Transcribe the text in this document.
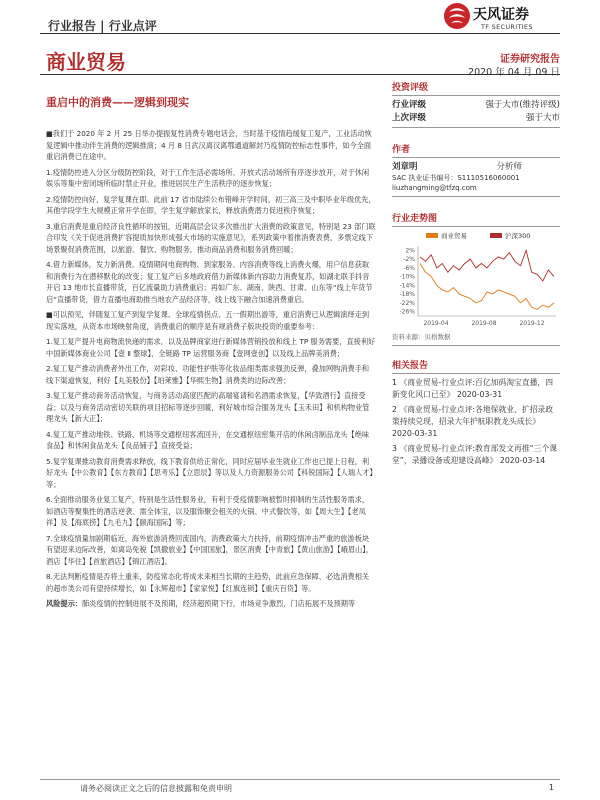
行业报告 | 行业点评
天风证券
TF SECURITIES
商业贸易	证券研究报告
2020 年 04 月 09 日
重启中的消费——逻辑到现实

■我们于 2020 年 2 月 25 日举办提振复性消费专题电话会，当时基于疫情趋缓复工复产，工业活动恢复逻辑中推动伴生消费的逻辑推演；4 月 8 日武汉离汉离鄂通道解封乃疫情防控标志性事件，如今全面重启消费已在途中。

1.疫情防控进入分区分级防控阶段，对于工作生活必需场所、开放式活动场所有序逐步放开，对于休闲娱乐等集中密闭场所临时禁止开业，推进居民生产生活秩序的逐步恢复；

2.疫情防控向好，复学复课在即。此前 17 省市陆续公布错峰开学时间，初三高三及中职毕业年级优先，其他学段学生大规模正常开学在即，学生复学解放家长，释放消费潜力促进秩序恢复；

3.重启消费是重启经济良性循环的按钮，近期高层会议多次推出扩大消费的政策意见，特别是 23 部门联合印发《关于促进消费扩容提质加快形成强大市场的实施意见》，系列政策中着推消费表费，多票定线下场景聚促消费范围，以旅游、餐饮、购物服务，推动商品消费和服务消费回暖；

4.借力新媒体，发力新消费。疫情期间电商购物、到家服务、内容消费等线上消费火爆，用户信息获取和消费行为在潜移默化的改变；复工复产后多地政府借力新媒体新内容助力消费复苏，如湖北联手抖音开启 13 地市长直播带货，百亿流量助力消费重启；再如广东、湖南、陕西、甘肃、山东等“线上年货节启”直播带货，借力直播电商助推当地农产品经济等，线上线下融合加速消费重启。

■可以预见，伴随复工复产到复学复课、全球疫情拐点、五一假期出游等，重启消费已从逻辑演绎走到现实落地，从资本市场映射角度，消费重启的顺序是有规消费子版块投资的重要参考：

1.复工复产提升电商物流快递的需求，以及品牌商家进行新媒体营销投放和线上 TP 服务需要，直接利好中国新媒体商业公司【壹 Ⅱ 整球】，全链路 TP 运营服务商【壹网壹创】以及线上品牌美消费；

2.复工复产推动消费者外出工作，对彩妆、功能性护肤等化妆品细类需求强劲反弹，叠加网购消费手和线下渠道恢复，利好【丸美股份】【珀莱雅】【华熙生物】消费类的边际改善；

3.复工复产推动商务活动恢复，与商务活动高度匹配的高端宴请和名酒需求恢复，【华致酒行】直接受益；以及与商务活动密切关联的项目招标等逐步回暖，利好城市综合服务龙头【玉禾田】和机构物业管理龙头【新大正】；

4.复工复产推动地铁、铁路、机场等交通枢纽客流回升，在交通枢纽密集开店的休闲卤制品龙头【绝味食品】和休闲食品龙头【良品铺子】直接受益；

5.复学复课推动教育消费需求释放，线下教育供给正常化，同时应届毕业生就业工作也已提上日程，利好龙头【中公教育】【东方教育】【思考乐】【立思辰】等以及人力资源服务公司【科锐国际】【人瑞人才】等；

6.全面推动服务业复工复产，特别是生活性服务业，有利于受疫情影响被暂时抑制的生活性服务需求，如酒店等聚集性的酒店逆袭、需全体宝，以及服饰聚会租关的火锅、中式餐饮等，如【周大生】【老凤祥】及【海底捞】【九毛九】【颐海国际】等；

7.全球疫情量加剧期临近，海外旅游消费回流国内，消费政策大力扶持，前期疫情冲击严重的旅游板块有望迎来边际改善，如离岛免税【凯撒旅业】【中国国旅】，景区消费【中青旅】【黄山旅游】【峨眉山】，酒店【华住】【首旅酒店】【锦江酒店】。

8.无法判断疫情是否将土重来，防疫常态化将成未来相当长期的主趋势，此前应急保障、必选消费相关的超市类公司有望持续增长，如【永辉超市】【家家悦】【红旗连锁】【重庆百货】等。

风险提示：肺炎疫情的控制进展不及预期，经济超预期下行，市场竞争激烈，门店拓展不及预期等

投资评级
行业评级	强于大市(维持评级)
上次评级	强于大市
作者
刘章明	分析师
SAC 执业证书编号：S1110516060001
liuzhangming@tfzq.com
行业走势图
商业贸易	沪深300
2%
-2%
-6%
-10%
-14%
-18%
-22%
-26%
2019-04	2019-08	2019-12
资料来源：贝格数据
相关报告
1 《商业贸易-行业点评:百亿加码淘宝直播，四新变化风口已至》 2020-03-31
2 《商业贸易-行业点评:各地保就业、扩招录政策持续兑现，招录大年护航职教龙头成长》 2020-03-31
3 《商业贸易-行业点评:教育部发文再推“三个课堂”，录播设备或迎建设高峰》 2020-03-14
请务必阅读正文之后的信息披露和免责申明	1
